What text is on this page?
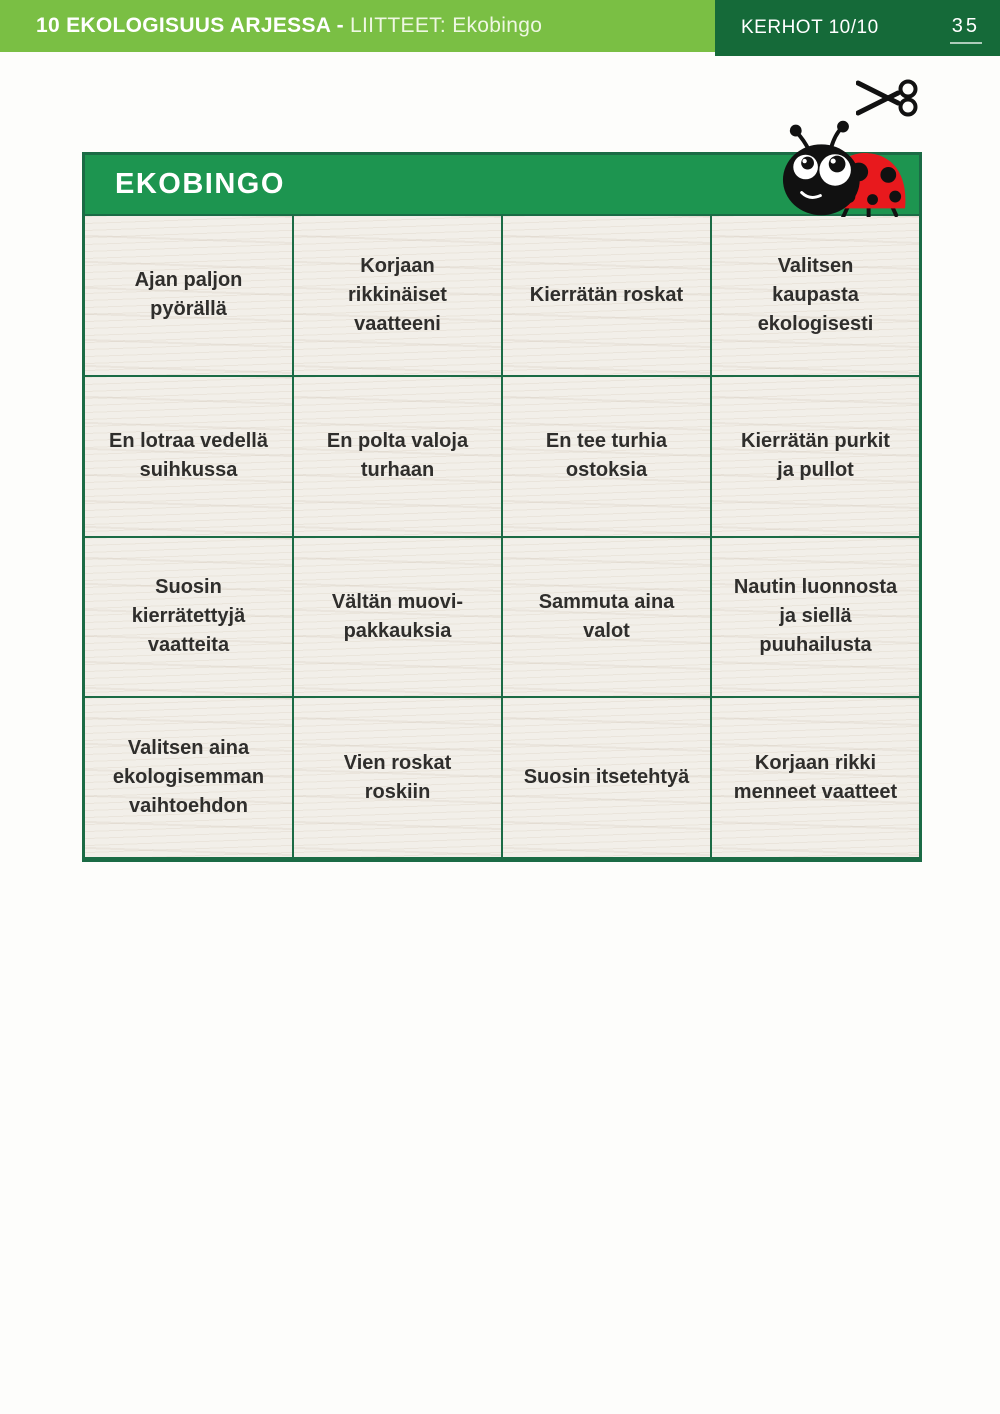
10 EKOLOGISUUS ARJESSA - LIITTEET: Ekobingo	KERHOT 10/10	35
EKOBINGO
Ajan paljon pyörällä
Korjaan rikkinäiset vaatteeni
Kierrätän roskat
Valitsen kaupasta ekologisesti
En lotraa vedellä suihkussa
En polta valoja turhaan
En tee turhia ostoksia
Kierrätän purkit ja pullot
Suosin kierrätettyjä vaatteita
Vältän muovi- pakkauksia
Sammuta aina valot
Nautin luonnosta ja siellä puuhailusta
Valitsen aina ekologisemman vaihtoehdon
Vien roskat roskiin
Suosin itsetehtyä
Korjaan rikki menneet vaatteet
